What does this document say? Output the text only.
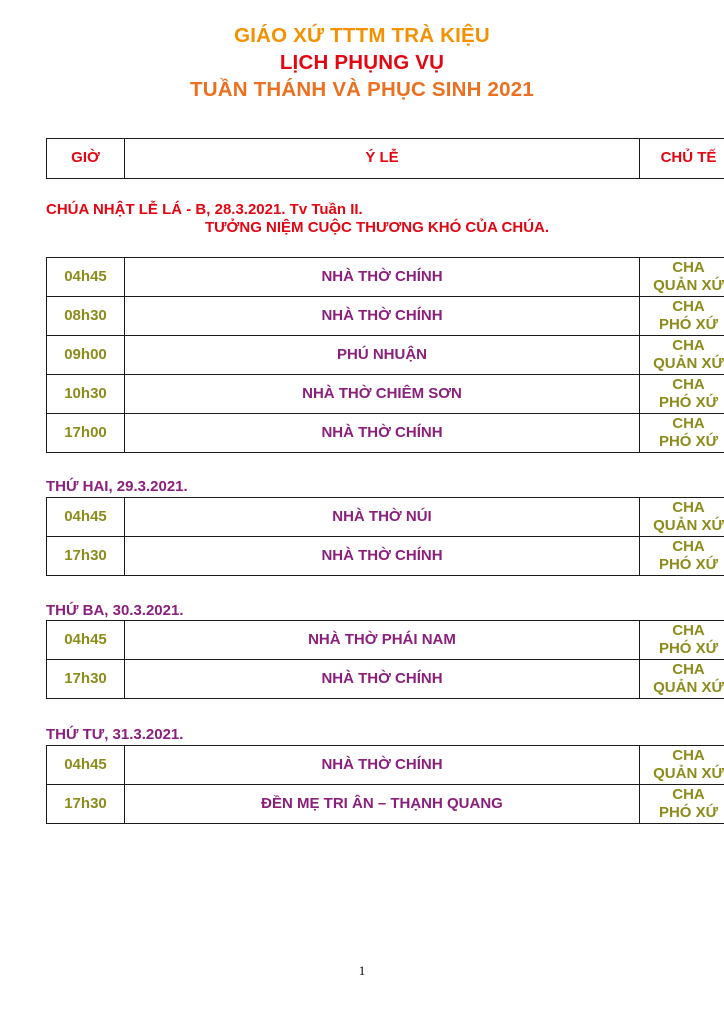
GIÁO XỨ TTTM TRÀ KIỆU
LỊCH PHỤNG VỤ
TUẦN THÁNH VÀ PHỤC SINH 2021
GIỜ	Ý LỄ	CHỦ TẾ
CHÚA NHẬT LỄ LÁ - B, 28.3.2021. Tv Tuần II.
TƯỞNG NIỆM CUỘC THƯƠNG KHÓ CỦA CHÚA.
04h45	NHÀ THỜ CHÍNH	CHA
QUẢN XỨ
08h30	NHÀ THỜ CHÍNH	CHA
PHÓ XỨ
09h00	PHÚ NHUẬN	CHA
QUẢN XỨ
10h30	NHÀ THỜ CHIÊM SƠN	CHA
PHÓ XỨ
17h00	NHÀ THỜ CHÍNH	CHA
PHÓ XỨ
THỨ HAI, 29.3.2021.
04h45	NHÀ THỜ NÚI	CHA
QUẢN XỨ
17h30	NHÀ THỜ CHÍNH	CHA
PHÓ XỨ
THỨ BA, 30.3.2021.
04h45	NHÀ THỜ PHÁI NAM	CHA
PHÓ XỨ
17h30	NHÀ THỜ CHÍNH	CHA
QUẢN XỨ
THỨ TƯ, 31.3.2021.
04h45	NHÀ THỜ CHÍNH	CHA
QUẢN XỨ
17h30	ĐỀN MẸ TRI ÂN – THẠNH QUANG	CHA
PHÓ XỨ
1
